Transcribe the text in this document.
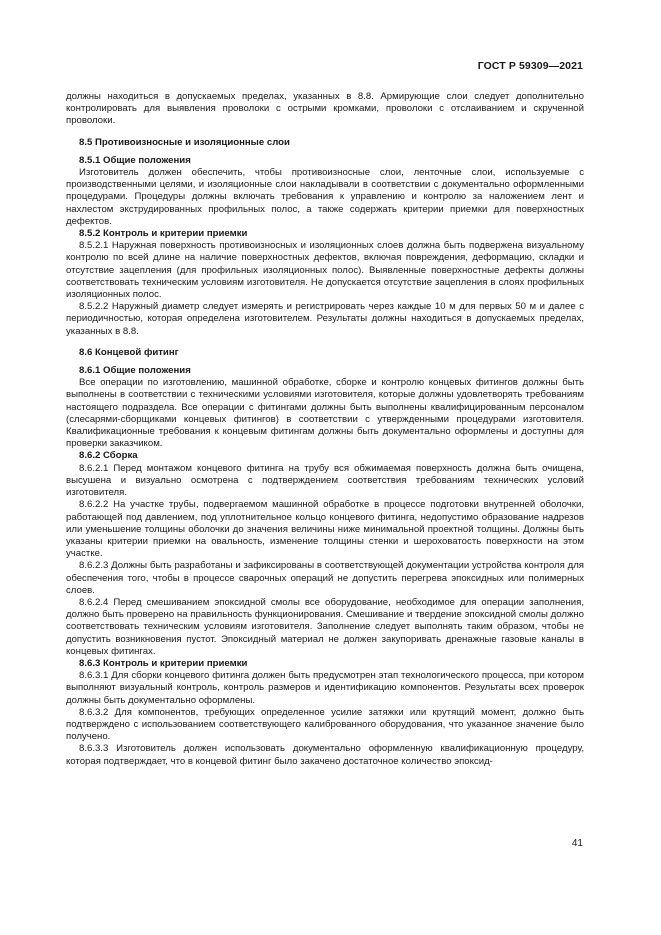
ГОСТ Р 59309—2021

должны находиться в допускаемых пределах, указанных в 8.8. Армирующие слои следует дополнительно контролировать для выявления проволоки с острыми кромками, проволоки с отслаиванием и скрученной проволоки.

8.5 Противоизносные и изоляционные слои
8.5.1 Общие положения

Изготовитель должен обеспечить, чтобы противоизносные слои, ленточные слои, используемые с производственными целями, и изоляционные слои накладывали в соответствии с документально оформленными процедурами. Процедуры должны включать требования к управлению и контролю за наложением лент и нахлестом экструдированных профильных полос, а также содержать критерии приемки для поверхностных дефектов.

8.5.2 Контроль и критерии приемки

8.5.2.1 Наружная поверхность противоизносных и изоляционных слоев должна быть подвержена визуальному контролю по всей длине на наличие поверхностных дефектов, включая повреждения, деформацию, складки и отсутствие зацепления (для профильных изоляционных полос). Выявленные поверхностные дефекты должны соответствовать техническим условиям изготовителя. Не допускается отсутствие зацепления в слоях профильных изоляционных полос.

8.5.2.2 Наружный диаметр следует измерять и регистрировать через каждые 10 м для первых 50 м и далее с периодичностью, которая определена изготовителем. Результаты должны находиться в допускаемых пределах, указанных в 8.8.

8.6 Концевой фитинг
8.6.1 Общие положения

Все операции по изготовлению, машинной обработке, сборке и контролю концевых фитингов должны быть выполнены в соответствии с техническими условиями изготовителя, которые должны удовлетворять требованиям настоящего подраздела. Все операции с фитингами должны быть выполнены квалифицированным персоналом (слесарями-сборщиками концевых фитингов) в соответствии с утвержденными процедурами изготовителя. Квалификационные требования к концевым фитингам должны быть документально оформлены и доступны для проверки заказчиком.

8.6.2 Сборка

8.6.2.1 Перед монтажом концевого фитинга на трубу вся обжимаемая поверхность должна быть очищена, высушена и визуально осмотрена с подтверждением соответствия требованиям технических условий изготовителя.

8.6.2.2 На участке трубы, подвергаемом машинной обработке в процессе подготовки внутренней оболочки, работающей под давлением, под уплотнительное кольцо концевого фитинга, недопустимо образование надрезов или уменьшение толщины оболочки до значения величины ниже минимальной проектной толщины. Должны быть указаны критерии приемки на овальность, изменение толщины стенки и шероховатость поверхности на этом участке.

8.6.2.3 Должны быть разработаны и зафиксированы в соответствующей документации устройства контроля для обеспечения того, чтобы в процессе сварочных операций не допустить перегрева эпоксидных или полимерных слоев.

8.6.2.4 Перед смешиванием эпоксидной смолы все оборудование, необходимое для операции заполнения, должно быть проверено на правильность функционирования. Смешивание и твердение эпоксидной смолы должно соответствовать техническим условиям изготовителя. Заполнение следует выполнять таким образом, чтобы не допустить возникновения пустот. Эпоксидный материал не должен закупоривать дренажные газовые каналы в концевых фитингах.

8.6.3 Контроль и критерии приемки

8.6.3.1 Для сборки концевого фитинга должен быть предусмотрен этап технологического процесса, при котором выполняют визуальный контроль, контроль размеров и идентификацию компонентов. Результаты всех проверок должны быть документально оформлены.

8.6.3.2 Для компонентов, требующих определенное усилие затяжки или крутящий момент, должно быть подтверждено с использованием соответствующего калиброванного оборудования, что указанное значение было получено.

8.6.3.3 Изготовитель должен использовать документально оформленную квалификационную процедуру, которая подтверждает, что в концевой фитинг было закачено достаточное количество эпоксид-

41
